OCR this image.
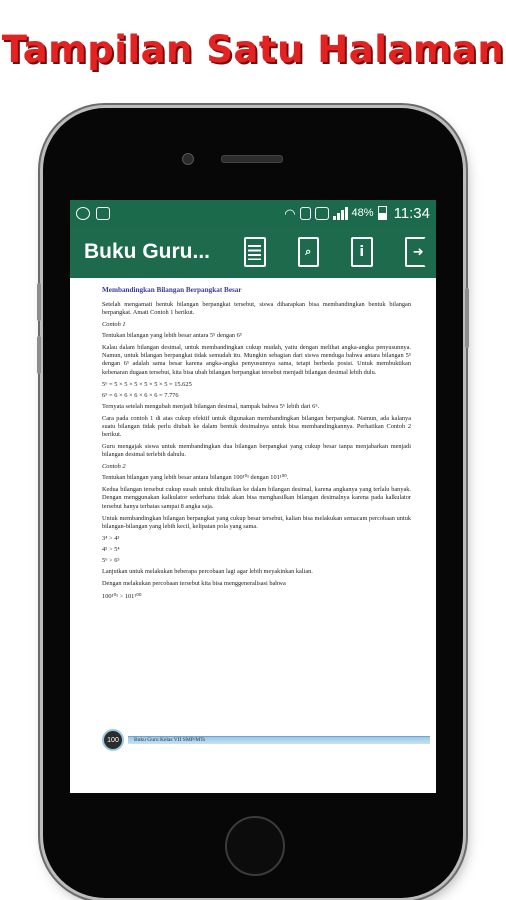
Tampilan Satu Halaman
◠	48% 11:34
Buku Guru...	⌕	i	➜
Membandingkan Bilangan Berpangkat Besar
Setelah mengamati bentuk bilangan berpangkat tersebut, siswa diharapkan bisa membandingkan bentuk bilangan berpangkat. Amati Contoh 1 berikut.
Contoh 1
Tentukan bilangan yang lebih besar antara 5⁵ dengan 6⁵
Kalau dalam bilangan desimal, untuk membandingkan cukup mudah, yaitu dengan melihat angka-angka penyusunnya. Namun, untuk bilangan berpangkat tidak semudah itu. Mungkin sebagian dari siswa menduga bahwa antara bilangan 5⁵ dengan 6⁵ adalah sama besar karena angka-angka penyusunnya sama, tetapi berbeda posisi. Untuk membuktikan kebenaran dugaan tersebut, kita bisa ubah bilangan berpangkat tersebut menjadi bilangan desimal lebih dulu.
5⁶ = 5 × 5 × 5 × 5 × 5 × 5 = 15.625
6⁵ = 6 × 6 × 6 × 6 × 6 = 7.776
Ternyata setelah mengubah menjadi bilangan desimal, nampak bahwa 5⁶ lebih dari 6⁵.
Cara pada contoh 1 di atas cukup efektif untuk digunakan membandingkan bilangan berpangkat. Namun, ada kalanya suatu bilangan tidak perlu diubah ke dalam bentuk desimalnya untuk bisa membandingkannya. Perhatikan Contoh 2 berikut.
Guru mengajak siswa untuk membandingkan dua bilangan berpangkat yang cukup besar tanpa menjabarkan menjadi bilangan desimal terlebih dahulu.
Contoh 2
Tentukan bilangan yang lebih besar antara bilangan 100¹⁰¹ dengan 101¹⁰⁰.
Kedua bilangan tersebut cukup susah untuk ditulisikan ke dalam bilangan desimal, karena angkanya yang terlalu banyak. Dengan menggunakan kalkulator sederhana tidak akan bisa menghasilkan bilangan desimalnya karena pada kalkulator tersebut hanya terbatas sampai 8 angka saja.
Untuk membandingkan bilangan berpangkat yang cukup besar tersebut, kalian bisa melakukan semacam percobaan untuk bilangan-bilangan yang lebih kecil, kelipatan pola yang sama.
3⁴ > 4³
4⁵ > 5⁴
5⁶ > 6⁵
Lanjutkan untuk melakukan beberapa percobaan lagi agar lebih meyakinkan kalian.
Dengan melakukan percobaan tersebut kita bisa menggeneralisasi bahwa
100¹⁰¹ > 101¹⁰⁰
100	Buku Guru Kelas VII SMP/MTs
